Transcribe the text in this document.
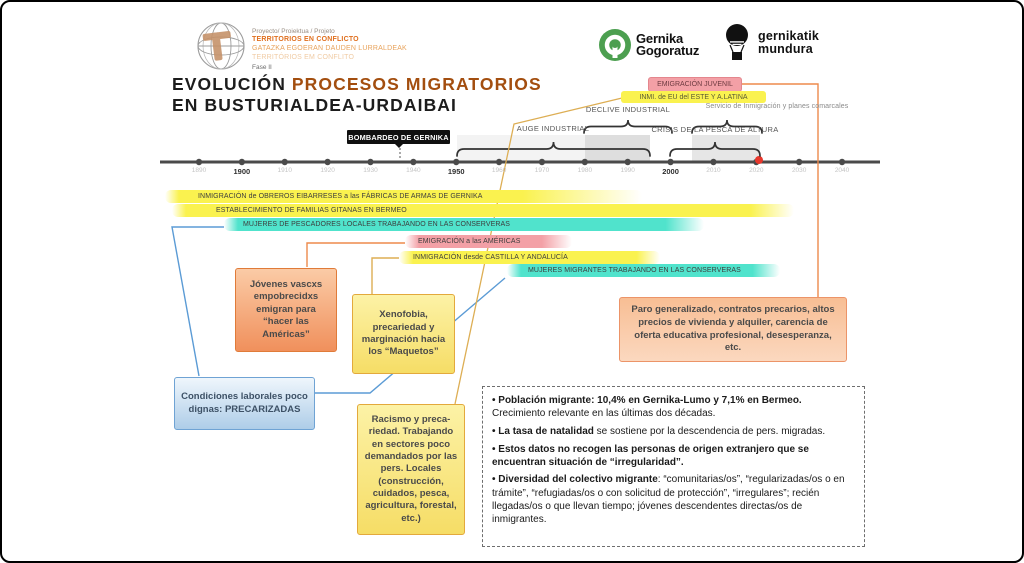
Proyecto/ Proiektua / Projeto
TERRITORIOS EN CONFLICTO
GATAZKA EGOERAN DAUDEN LURRALDEAK
TERRITÓRIOS EM CONFLITO
Fase II
EVOLUCIÓN PROCESOS MIGRATORIOS
EN BUSTURIALDEA-URDAIBAI
Gernika
Gogoratuz
gernikatik
mundura
EMIGRACIÓN JUVENIL
INMI. de EU del ESTE Y A.LATINA
BOMBARDEO DE GERNIKA
AUGE INDUSTRIAL
DECLIVE INDUSTRIAL
CRISIS DE LA PESCA DE ALTURA
Servicio de Inmigración y planes comarcales
1890	1900	1910	1920	1930	1940	1950	1960	1970	1980	1990	2000	2010	2020	2030	2040
INMIGRACIÓN de OBREROS EIBARRESES a las FÁBRICAS DE ARMAS DE GERNIKA
ESTABLECIMIENTO DE FAMILIAS GITANAS EN BERMEO
MUJERES DE PESCADORES LOCALES TRABAJANDO EN LAS CONSERVERAS
EMIGRACIÓN a las AMÉRICAS
INMIGRACIÓN desde CASTILLA Y ANDALUCÍA
MUJERES MIGRANTES TRABAJANDO EN LAS CONSERVERAS
Jóvenes vascxs empobrecidxs emigran para “hacer las Américas”
Xenofobia, precariedad y marginación hacia los “Maquetos”
Racismo y preca-riedad. Trabajando en sectores poco demandados por las pers. Locales (construcción, cuidados, pesca, agricultura, forestal, etc.)
Condiciones laborales poco dignas: PRECARIZADAS
Paro generalizado, contratos precarios, altos precios de vivienda y alquiler, carencia de oferta educativa profesional, desesperanza, etc.
• Población migrante: 10,4% en Gernika-Lumo y 7,1% en Bermeo. Crecimiento relevante en las últimas dos décadas.
• La tasa de natalidad se sostiene por la descendencia de pers. migradas.
• Estos datos no recogen las personas de origen extranjero que se encuentran situación de “irregularidad”.
• Diversidad del colectivo migrante: “comunitarias/os”, “regularizadas/os o en trámite”, “refugiadas/os o con solicitud de protección”, “irregulares”; recién llegadas/os o que llevan tiempo; jóvenes descendentes directas/os de inmigrantes.
